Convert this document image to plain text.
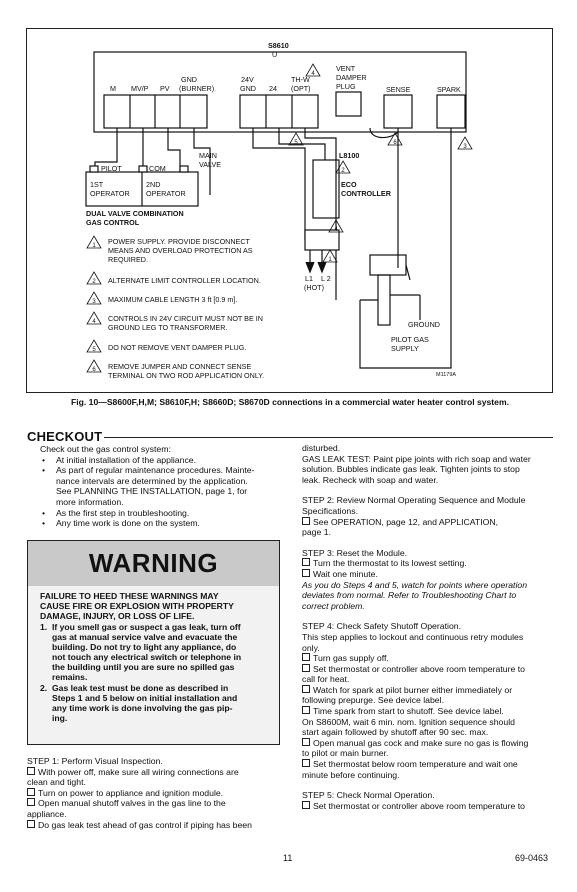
4
5	6
3
2
4
1
1
2
3
4
5
6
S8610
U
M MV/P PV
GND
(BURNER)
24V
GND 24
TH-W
(OPT)
VENT
DAMPER
PLUG	SENSE	SPARK
PILOT	COM
MAIN
VALVE
1ST
OPERATOR
2ND
OPERATOR
DUAL VALVE COMBINATION
GAS CONTROL
L8100
ECO
CONTROLLER
L1 L 2
(HOT)
GROUND
PILOT GAS
SUPPLY
M1179A
POWER SUPPLY. PROVIDE DISCONNECT
MEANS AND OVERLOAD PROTECTION AS
REQUIRED.
ALTERNATE LIMIT CONTROLLER LOCATION.
MAXIMUM CABLE LENGTH 3 ft [0.9 m].
CONTROLS IN 24V CIRCUIT MUST NOT BE IN
GROUND LEG TO TRANSFORMER.
DO NOT REMOVE VENT DAMPER PLUG.
REMOVE JUMPER AND CONNECT SENSE
TERMINAL ON TWO ROD APPLICATION ONLY.
Fig. 10—S8600F,H,M; S8610F,H; S8660D; S8670D connections in a commercial water heater control system.
CHECKOUT

Check out the gas control system:

•	At initial installation of the appliance.
•	As part of regular maintenance procedures. Mainte-
nance intervals are determined by the application.
See PLANNING THE INSTALLATION, page 1, for
more information.
•	As the first step in troubleshooting.
•	Any time work is done on the system.
WARNING

FAILURE TO HEED THESE WARNINGS MAY

CAUSE FIRE OR EXPLOSION WITH PROPERTY

DAMAGE, INJURY, OR LOSS OF LIFE.

1. If you smell gas or suspect a gas leak, turn off
gas at manual service valve and evacuate the
building. Do not try to light any appliance, do
not touch any electrical switch or telephone in
the building until you are sure no spilled gas
remains.
2. Gas leak test must be done as described in
Steps 1 and 5 below on initial installation and
any time work is done involving the gas pip-
ing.

STEP 1: Perform Visual Inspection.

With power off, make sure all wiring connections are

clean and tight.

Turn on power to appliance and ignition module.

Open manual shutoff valves in the gas line to the

appliance.

Do gas leak test ahead of gas control if piping has been

disturbed.

GAS LEAK TEST: Paint pipe joints with rich soap and water

solution. Bubbles indicate gas leak. Tighten joints to stop

leak. Recheck with soap and water.

STEP 2: Review Normal Operating Sequence and Module

Specifications.

See OPERATION, page 12, and APPLICATION,

page 1.

STEP 3: Reset the Module.

Turn the thermostat to its lowest setting.

Wait one minute.

As you do Steps 4 and 5, watch for points where operation

deviates from normal. Refer to Troubleshooting Chart to

correct problem.

STEP 4: Check Safety Shutoff Operation.

This step applies to lockout and continuous retry modules

only.

Turn gas supply off.

Set thermostat or controller above room temperature to

call for heat.

Watch for spark at pilot burner either immediately or

following prepurge. See device label.

Time spark from start to shutoff. See device label.

On S8600M, wait 6 min. nom. Ignition sequence should

start again followed by shutoff after 90 sec. max.

Open manual gas cock and make sure no gas is flowing

to pilot or main burner.

Set thermostat below room temperature and wait one

minute before continuing.

STEP 5: Check Normal Operation.

Set thermostat or controller above room temperature to

11	69-0463
